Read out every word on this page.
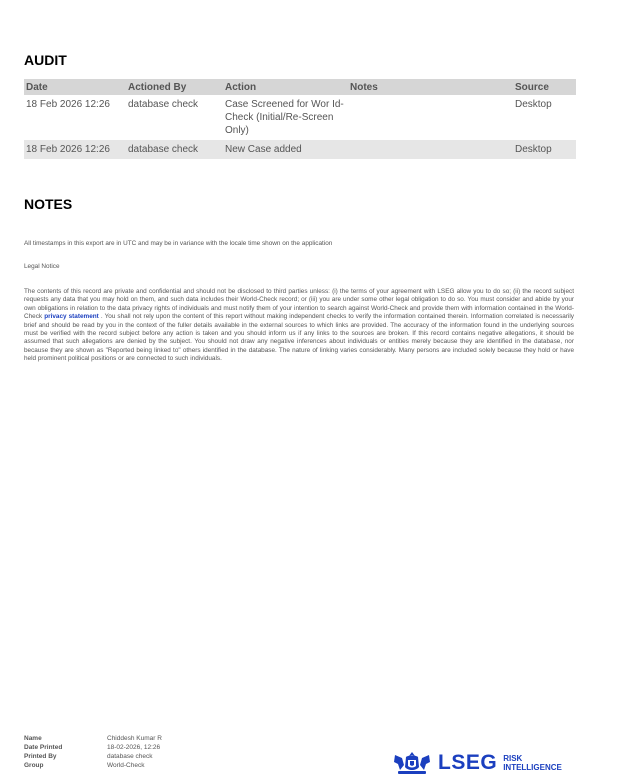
AUDIT
Date	Actioned By	Action	Notes	Source
18 Feb 2026 12:26	database check	Case Screened for Wor Id-Check (Initial/Re-Screen Only)		Desktop
18 Feb 2026 12:26	database check	New Case added		Desktop
NOTES
All timestamps in this export are in UTC and may be in variance with the locale time shown on the application
Legal Notice
The contents of this record are private and confidential and should not be disclosed to third parties unless: (i) the terms of your agreement with LSEG allow you to do so; (ii) the record subject requests any data that you may hold on them, and such data includes their World-Check record; or (iii) you are under some other legal obligation to do so. You must consider and abide by your own obligations in relation to the data privacy rights of individuals and must notify them of your intention to search against World-Check and provide them with information contained in the World-Check privacy statement . You shall not rely upon the content of this report without making independent checks to verify the information contained therein. Information correlated is necessarily brief and should be read by you in the context of the fuller details available in the external sources to which links are provided. The accuracy of the information found in the underlying sources must be verified with the record subject before any action is taken and you should inform us if any links to the sources are broken. If this record contains negative allegations, it should be assumed that such allegations are denied by the subject. You should not draw any negative inferences about individuals or entities merely because they are identified in the database, nor because they are shown as "Reported being linked to" others identified in the database. The nature of linking varies considerably. Many persons are included solely because they hold or have held prominent political positions or are connected to such individuals.
Name	Chiddesh Kumar R
Date Printed	18-02-2026, 12:26
Printed By	database check
Group	World-Check	LSEG RISK
INTELLIGENCE
